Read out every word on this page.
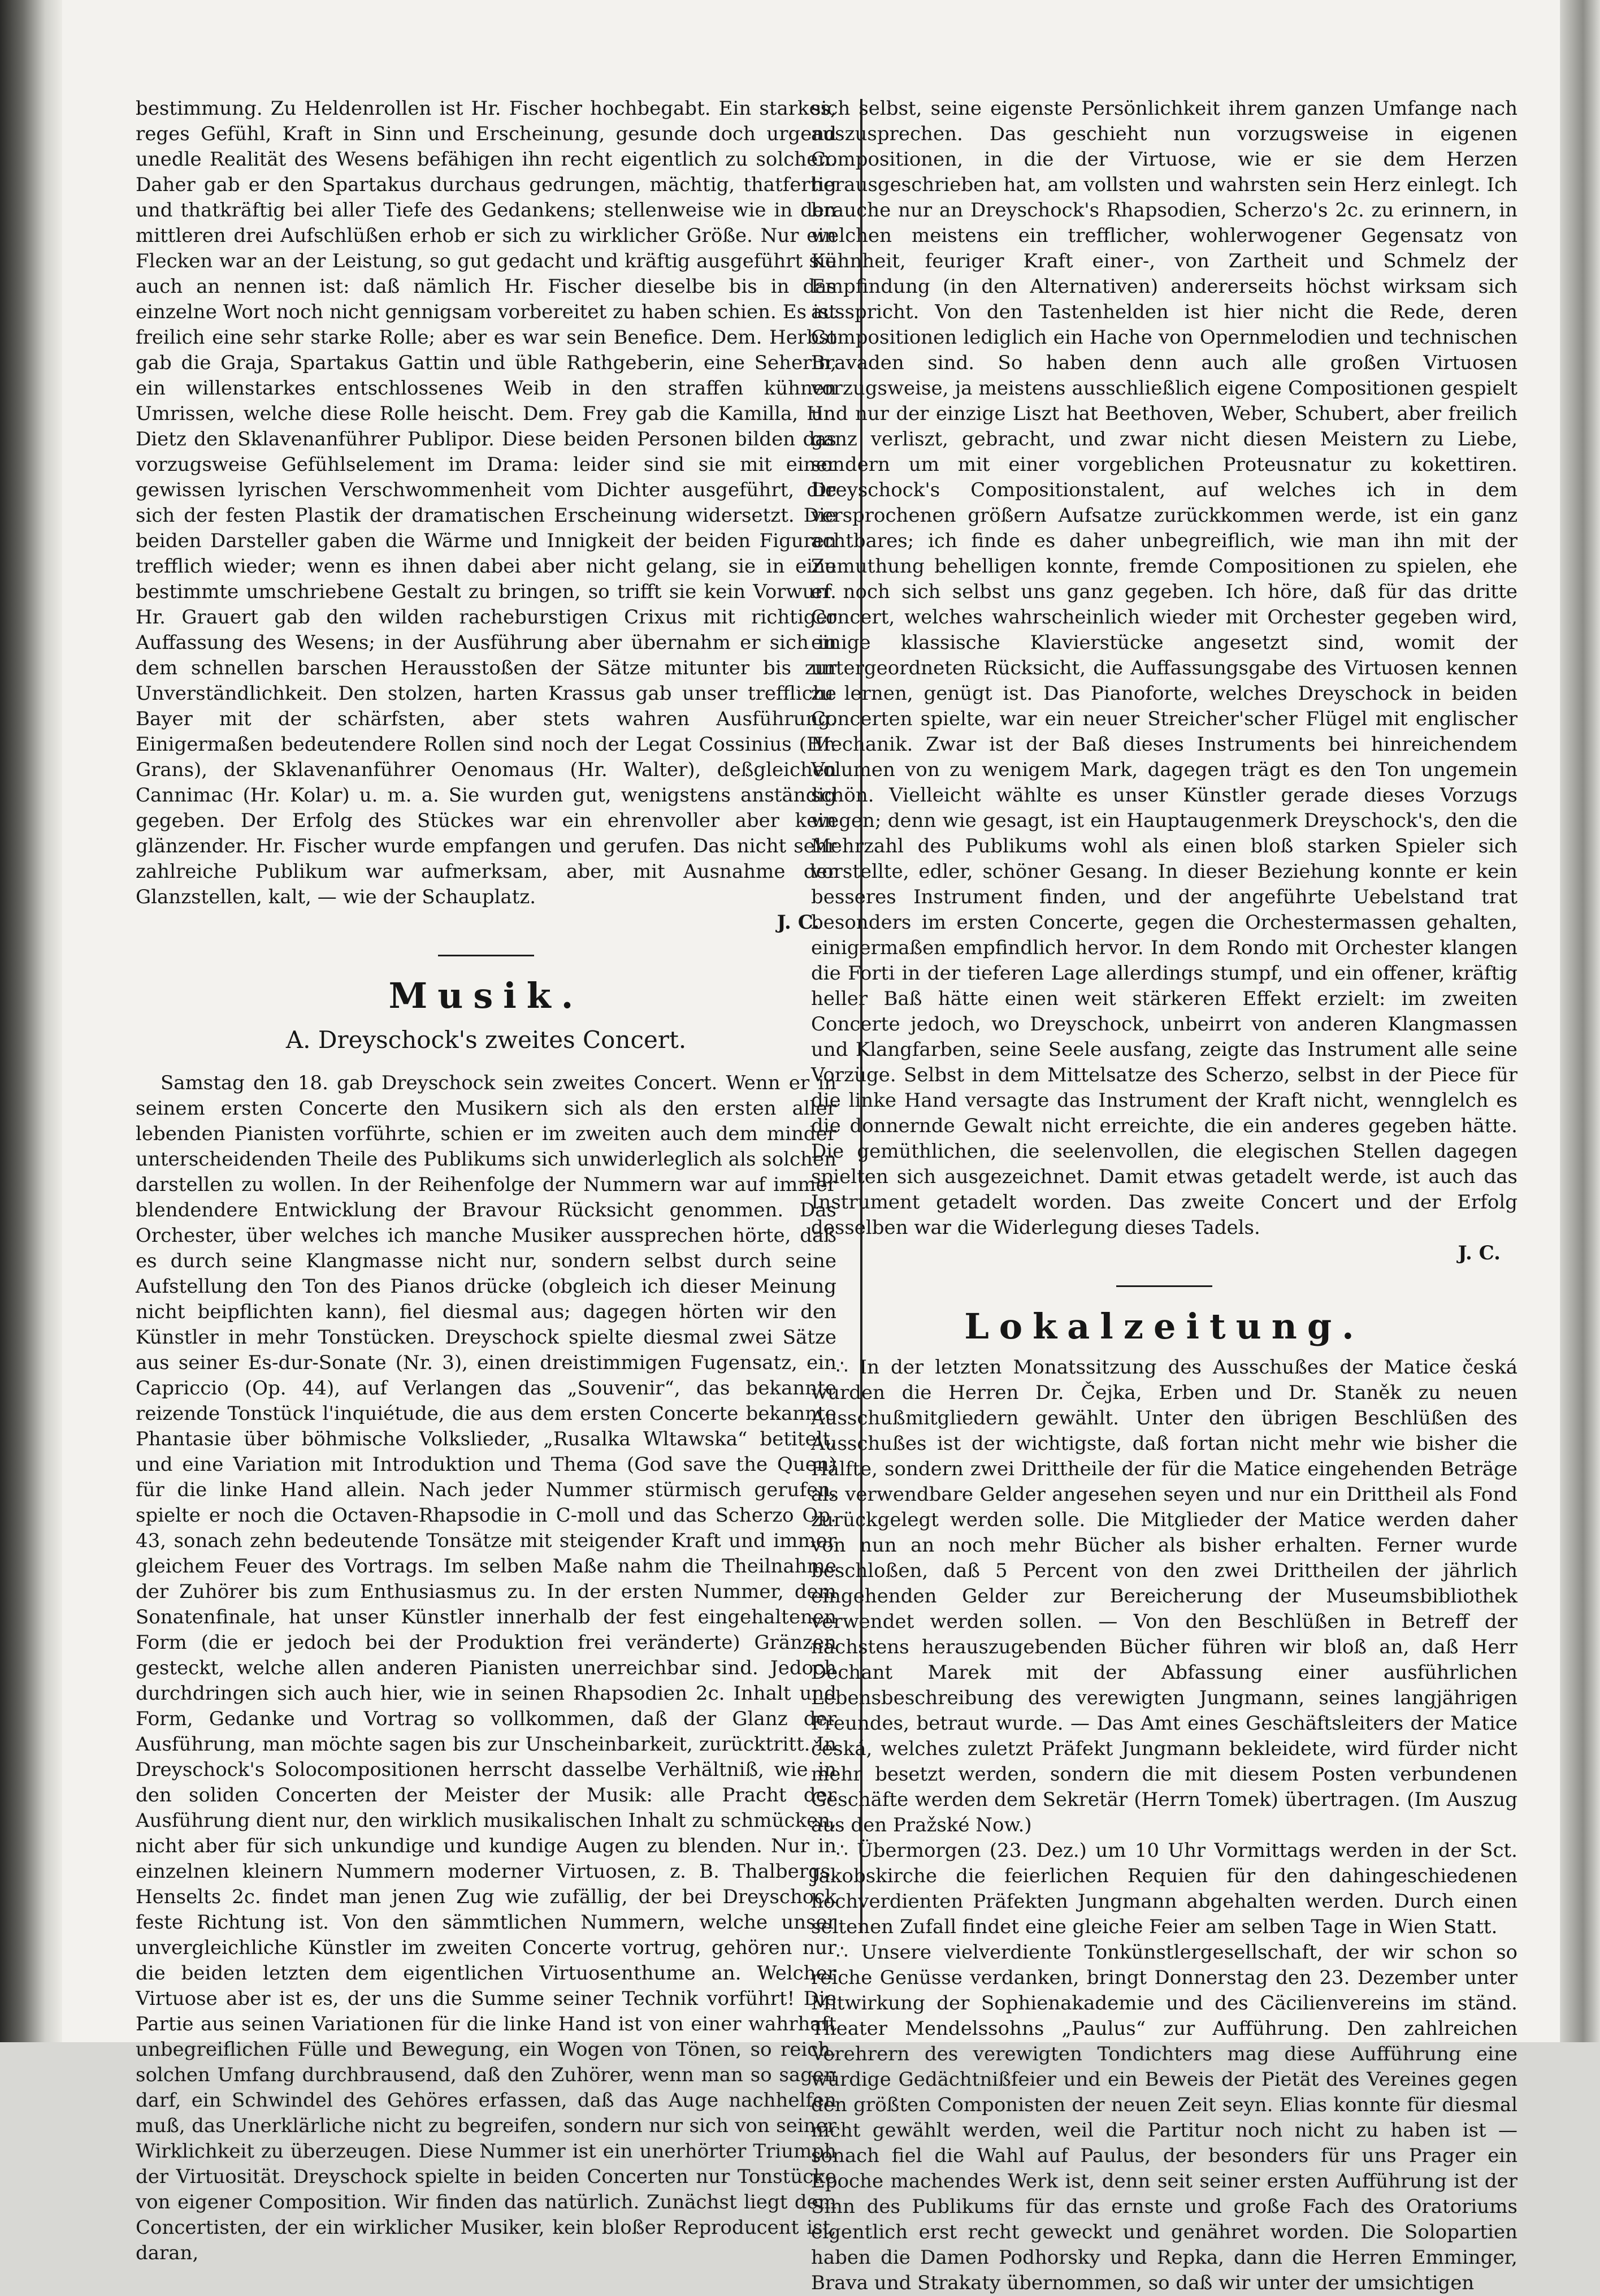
bestimmung. Zu Heldenrollen ist Hr. Fischer hochbegabt. Ein starkes, reges Gefühl, Kraft in Sinn und Erscheinung, gesunde doch urgend unedle Realität des Wesens befähigen ihn recht eigentlich zu solchen. Daher gab er den Spartakus durchaus gedrungen, mächtig, thatfertig und thatkräftig bei aller Tiefe des Gedankens; stellenweise wie in den mittleren drei Aufschlüßen erhob er sich zu wirklicher Größe. Nur ein Flecken war an der Leistung, so gut gedacht und kräftig ausgeführt sie auch an nennen ist: daß nämlich Hr. Fischer dieselbe bis in das einzelne Wort noch nicht gennigsam vorbereitet zu haben schien. Es ist freilich eine sehr starke Rolle; aber es war sein Benefice. Dem. Herbst gab die Graja, Spartakus Gattin und üble Rathgeberin, eine Seherin, ein willenstarkes entschlossenes Weib in den straffen kühnen Umrissen, welche diese Rolle heischt. Dem. Frey gab die Kamilla, Hr. Dietz den Sklavenanführer Publipor. Diese beiden Personen bilden das vorzugsweise Gefühlselement im Drama: leider sind sie mit einer gewissen lyrischen Verschwommenheit vom Dichter ausgeführt, die sich der festen Plastik der dramatischen Erscheinung widersetzt. Die beiden Darsteller gaben die Wärme und Innigkeit der beiden Figuren trefflich wieder; wenn es ihnen dabei aber nicht gelang, sie in eine bestimmte umschriebene Gestalt zu bringen, so trifft sie kein Vorwurf. Hr. Grauert gab den wilden racheburstigen Crixus mit richtiger Auffassung des Wesens; in der Ausführung aber übernahm er sich in dem schnellen barschen Herausstoßen der Sätze mitunter bis zur Unverständlichkeit. Den stolzen, harten Krassus gab unser treffliche Bayer mit der schärfsten, aber stets wahren Ausführung. Einigermaßen bedeutendere Rollen sind noch der Legat Cossinius (Hr. Grans), der Sklavenanführer Oenomaus (Hr. Walter), deßgleichen Cannimac (Hr. Kolar) u. m. a. Sie wurden gut, wenigstens anständig gegeben. Der Erfolg des Stückes war ein ehrenvoller aber kein glänzender. Hr. Fischer wurde empfangen und gerufen. Das nicht sehr zahlreiche Publikum war aufmerksam, aber, mit Ausnahme der Glanzstellen, kalt, — wie der Schauplatz.

J. C.

Musik.
A. Dreyschock's zweites Concert.

Samstag den 18. gab Dreyschock sein zweites Concert. Wenn er in seinem ersten Concerte den Musikern sich als den ersten aller lebenden Pianisten vorführte, schien er im zweiten auch dem minder unterscheidenden Theile des Publikums sich unwiderleglich als solchen darstellen zu wollen. In der Reihenfolge der Nummern war auf immer blendendere Entwicklung der Bravour Rücksicht genommen. Das Orchester, über welches ich manche Musiker aussprechen hörte, daß es durch seine Klangmasse nicht nur, sondern selbst durch seine Aufstellung den Ton des Pianos drücke (obgleich ich dieser Meinung nicht beipflichten kann), fiel diesmal aus; dagegen hörten wir den Künstler in mehr Tonstücken. Dreyschock spielte diesmal zwei Sätze aus seiner Es-dur-Sonate (Nr. 3), einen dreistimmigen Fugensatz, ein Capriccio (Op. 44), auf Verlangen das „Souvenir“, das bekannte reizende Tonstück l'inquiétude, die aus dem ersten Concerte bekannte Phantasie über böhmische Volkslieder, „Rusalka Wltawska“ betitelt, und eine Variation mit Introduktion und Thema (God save the Quen) für die linke Hand allein. Nach jeder Nummer stürmisch gerufen, spielte er noch die Octaven-Rhapsodie in C-moll und das Scherzo Op. 43, sonach zehn bedeutende Tonsätze mit steigender Kraft und immer gleichem Feuer des Vortrags. Im selben Maße nahm die Theilnahme der Zuhörer bis zum Enthusiasmus zu. In der ersten Nummer, dem Sonatenfinale, hat unser Künstler innerhalb der fest eingehaltenen Form (die er jedoch bei der Produktion frei veränderte) Gränzen gesteckt, welche allen anderen Pianisten unerreichbar sind. Jedoch durchdringen sich auch hier, wie in seinen Rhapsodien 2c. Inhalt und Form, Gedanke und Vortrag so vollkommen, daß der Glanz der Ausführung, man möchte sagen bis zur Unscheinbarkeit, zurücktritt. In Dreyschock's Solocompositionen herrscht dasselbe Verhältniß, wie in den soliden Concerten der Meister der Musik: alle Pracht der Ausführung dient nur, den wirklich musikalischen Inhalt zu schmücken, nicht aber für sich unkundige und kundige Augen zu blenden. Nur in einzelnen kleinern Nummern moderner Virtuosen, z. B. Thalbergs, Henselts 2c. findet man jenen Zug wie zufällig, der bei Dreyschock feste Richtung ist. Von den sämmtlichen Nummern, welche unser unvergleichliche Künstler im zweiten Concerte vortrug, gehören nur die beiden letzten dem eigentlichen Virtuosenthume an. Welcher Virtuose aber ist es, der uns die Summe seiner Technik vorführt! Die Partie aus seinen Variationen für die linke Hand ist von einer wahrhaft unbegreiflichen Fülle und Bewegung, ein Wogen von Tönen, so reich, solchen Umfang durchbrausend, daß den Zuhörer, wenn man so sagen darf, ein Schwindel des Gehöres erfassen, daß das Auge nachhelfen muß, das Unerklärliche nicht zu begreifen, sondern nur sich von seiner Wirklichkeit zu überzeugen. Diese Nummer ist ein unerhörter Triumph der Virtuosität. Dreyschock spielte in beiden Concerten nur Tonstücke von eigener Composition. Wir finden das natürlich. Zunächst liegt dem Concertisten, der ein wirklicher Musiker, kein bloßer Reproducent ist, daran,

sich selbst, seine eigenste Persönlichkeit ihrem ganzen Umfange nach auszusprechen. Das geschieht nun vorzugsweise in eigenen Compositionen, in die der Virtuose, wie er sie dem Herzen herausgeschrieben hat, am vollsten und wahrsten sein Herz einlegt. Ich brauche nur an Dreyschock's Rhapsodien, Scherzo's 2c. zu erinnern, in welchen meistens ein trefflicher, wohlerwogener Gegensatz von Kühnheit, feuriger Kraft einer-, von Zartheit und Schmelz der Empfindung (in den Alternativen) andererseits höchst wirksam sich ausspricht. Von den Tastenhelden ist hier nicht die Rede, deren Compositionen lediglich ein Hache von Opernmelodien und technischen Bravaden sind. So haben denn auch alle großen Virtuosen vorzugsweise, ja meistens ausschließlich eigene Compositionen gespielt und nur der einzige Liszt hat Beethoven, Weber, Schubert, aber freilich ganz verliszt, gebracht, und zwar nicht diesen Meistern zu Liebe, sondern um mit einer vorgeblichen Proteusnatur zu kokettiren. Dreyschock's Compositionstalent, auf welches ich in dem versprochenen größern Aufsatze zurückkommen werde, ist ein ganz achtbares; ich finde es daher unbegreiflich, wie man ihn mit der Zumuthung behelligen konnte, fremde Compositionen zu spielen, ehe er noch sich selbst uns ganz gegeben. Ich höre, daß für das dritte Concert, welches wahrscheinlich wieder mit Orchester gegeben wird, einige klassische Klavierstücke angesetzt sind, womit der untergeordneten Rücksicht, die Auffassungsgabe des Virtuosen kennen zu lernen, genügt ist. Das Pianoforte, welches Dreyschock in beiden Concerten spielte, war ein neuer Streicher'scher Flügel mit englischer Mechanik. Zwar ist der Baß dieses Instruments bei hinreichendem Volumen von zu wenigem Mark, dagegen trägt es den Ton ungemein schön. Vielleicht wählte es unser Künstler gerade dieses Vorzugs wegen; denn wie gesagt, ist ein Hauptaugenmerk Dreyschock's, den die Mehrzahl des Publikums wohl als einen bloß starken Spieler sich vorstellte, edler, schöner Gesang. In dieser Beziehung konnte er kein besseres Instrument finden, und der angeführte Uebelstand trat besonders im ersten Concerte, gegen die Orchestermassen gehalten, einigermaßen empfindlich hervor. In dem Rondo mit Orchester klangen die Forti in der tieferen Lage allerdings stumpf, und ein offener, kräftig heller Baß hätte einen weit stärkeren Effekt erzielt: im zweiten Concerte jedoch, wo Dreyschock, unbeirrt von anderen Klangmassen und Klangfarben, seine Seele ausfang, zeigte das Instrument alle seine Vorzüge. Selbst in dem Mittelsatze des Scherzo, selbst in der Piece für die linke Hand versagte das Instrument der Kraft nicht, wennglelch es die donnernde Gewalt nicht erreichte, die ein anderes gegeben hätte. Die gemüthlichen, die seelenvollen, die elegischen Stellen dagegen spielten sich ausgezeichnet. Damit etwas getadelt werde, ist auch das Instrument getadelt worden. Das zweite Concert und der Erfolg desselben war die Widerlegung dieses Tadels.

J. C.

Lokalzeitung.

∴ In der letzten Monatssitzung des Ausschußes der Matice česká wurden die Herren Dr. Čejka, Erben und Dr. Staněk zu neuen Ausschußmitgliedern gewählt. Unter den übrigen Beschlüßen des Ausschußes ist der wichtigste, daß fortan nicht mehr wie bisher die Hälfte, sondern zwei Drittheile der für die Matice eingehenden Beträge als verwendbare Gelder angesehen seyen und nur ein Drittheil als Fond zurückgelegt werden solle. Die Mitglieder der Matice werden daher von nun an noch mehr Bücher als bisher erhalten. Ferner wurde beschloßen, daß 5 Percent von den zwei Drittheilen der jährlich eingehenden Gelder zur Bereicherung der Museumsbibliothek verwendet werden sollen. — Von den Beschlüßen in Betreff der nächstens herauszugebenden Bücher führen wir bloß an, daß Herr Dechant Marek mit der Abfassung einer ausführlichen Lebensbeschreibung des verewigten Jungmann, seines langjährigen Freundes, betraut wurde. — Das Amt eines Geschäftsleiters der Matice česká, welches zuletzt Präfekt Jungmann bekleidete, wird fürder nicht mehr besetzt werden, sondern die mit diesem Posten verbundenen Geschäfte werden dem Sekretär (Herrn Tomek) übertragen. (Im Auszug aus den Pražské Now.)

∴ Übermorgen (23. Dez.) um 10 Uhr Vormittags werden in der Sct. Jakobskirche die feierlichen Requien für den dahingeschiedenen hochverdienten Präfekten Jungmann abgehalten werden. Durch einen seltenen Zufall findet eine gleiche Feier am selben Tage in Wien Statt.

∴ Unsere vielverdiente Tonkünstlergesellschaft, der wir schon so reiche Genüsse verdanken, bringt Donnerstag den 23. Dezember unter Mitwirkung der Sophienakademie und des Cäcilienvereins im ständ. Theater Mendelssohns „Paulus“ zur Aufführung. Den zahlreichen Verehrern des verewigten Tondichters mag diese Aufführung eine würdige Gedächtnißfeier und ein Beweis der Pietät des Vereines gegen den größten Componisten der neuen Zeit seyn. Elias konnte für diesmal nicht gewählt werden, weil die Partitur noch nicht zu haben ist — sonach fiel die Wahl auf Paulus, der besonders für uns Prager ein Epoche machendes Werk ist, denn seit seiner ersten Aufführung ist der Sinn des Publikums für das ernste und große Fach des Oratoriums eigentlich erst recht geweckt und genähret worden. Die Solopartien haben die Damen Podhorsky und Repka, dann die Herren Emminger, Brava und Strakaty übernommen, so daß wir unter der umsichtigen
